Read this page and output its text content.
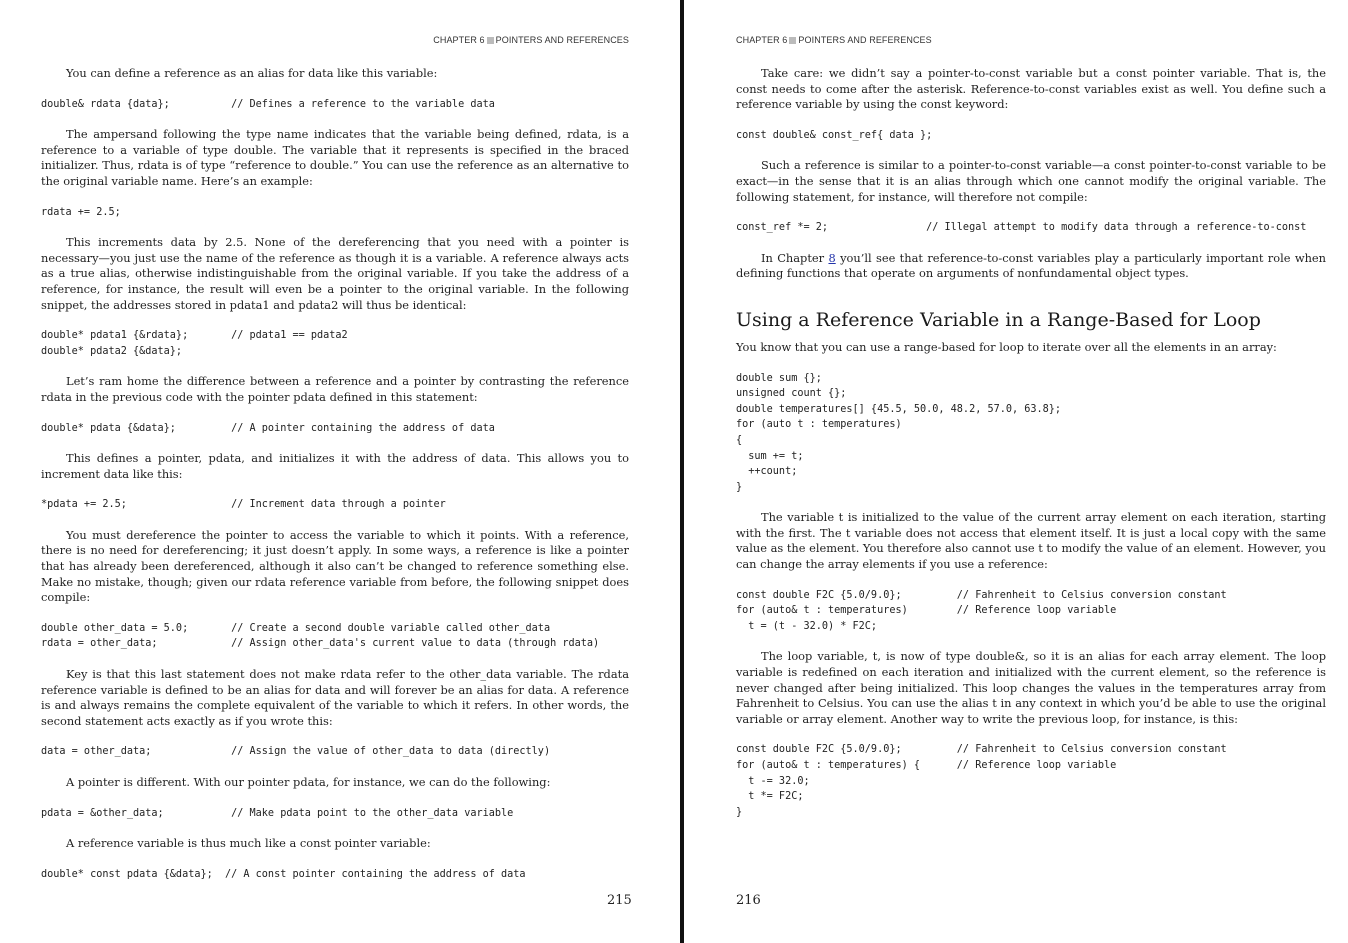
CHAPTER 6 POINTERS AND REFERENCES

You can define a reference as an alias for data like this variable:

double& rdata {data};          // Defines a reference to the variable data

The ampersand following the type name indicates that the variable being defined, rdata, is a reference to a variable of type double. The variable that it represents is specified in the braced initializer. Thus, rdata is of type “reference to double.” You can use the reference as an alternative to the original variable name. Here’s an example:

rdata += 2.5;

This increments data by 2.5. None of the dereferencing that you need with a pointer is necessary—you just use the name of the reference as though it is a variable. A reference always acts as a true alias, otherwise indistinguishable from the original variable. If you take the address of a reference, for instance, the result will even be a pointer to the original variable. In the following snippet, the addresses stored in pdata1 and pdata2 will thus be identical:

double* pdata1 {&rdata};       // pdata1 == pdata2
double* pdata2 {&data};

Let’s ram home the difference between a reference and a pointer by contrasting the reference rdata in the previous code with the pointer pdata defined in this statement:

double* pdata {&data};         // A pointer containing the address of data

This defines a pointer, pdata, and initializes it with the address of data. This allows you to increment data like this:

*pdata += 2.5;                 // Increment data through a pointer

You must dereference the pointer to access the variable to which it points. With a reference, there is no need for dereferencing; it just doesn’t apply. In some ways, a reference is like a pointer that has already been dereferenced, although it also can’t be changed to reference something else. Make no mistake, though; given our rdata reference variable from before, the following snippet does compile:

double other_data = 5.0;       // Create a second double variable called other_data
rdata = other_data;            // Assign other_data's current value to data (through rdata)

Key is that this last statement does not make rdata refer to the other_data variable. The rdata reference variable is defined to be an alias for data and will forever be an alias for data. A reference is and always remains the complete equivalent of the variable to which it refers. In other words, the second statement acts exactly as if you wrote this:

data = other_data;             // Assign the value of other_data to data (directly)

A pointer is different. With our pointer pdata, for instance, we can do the following:

pdata = &other_data;           // Make pdata point to the other_data variable

A reference variable is thus much like a const pointer variable:

double* const pdata {&data};  // A const pointer containing the address of data
215
CHAPTER 6 POINTERS AND REFERENCES

Take care: we didn’t say a pointer-to-const variable but a const pointer variable. That is, the const needs to come after the asterisk. Reference-to-const variables exist as well. You define such a reference variable by using the const keyword:

const double& const_ref{ data };

Such a reference is similar to a pointer-to-const variable—a const pointer-to-const variable to be exact—in the sense that it is an alias through which one cannot modify the original variable. The following statement, for instance, will therefore not compile:

const_ref *= 2;                // Illegal attempt to modify data through a reference-to-const

In Chapter 8 you’ll see that reference-to-const variables play a particularly important role when defining functions that operate on arguments of nonfundamental object types.

Using a Reference Variable in a Range-Based for Loop

You know that you can use a range-based for loop to iterate over all the elements in an array:

double sum {};
unsigned count {};
double temperatures[] {45.5, 50.0, 48.2, 57.0, 63.8};
for (auto t : temperatures)
{
sum += t;
++count;
}

The variable t is initialized to the value of the current array element on each iteration, starting with the first. The t variable does not access that element itself. It is just a local copy with the same value as the element. You therefore also cannot use t to modify the value of an element. However, you can change the array elements if you use a reference:

const double F2C {5.0/9.0};         // Fahrenheit to Celsius conversion constant
for (auto& t : temperatures)        // Reference loop variable
t = (t - 32.0) * F2C;

The loop variable, t, is now of type double&, so it is an alias for each array element. The loop variable is redefined on each iteration and initialized with the current element, so the reference is never changed after being initialized. This loop changes the values in the temperatures array from Fahrenheit to Celsius. You can use the alias t in any context in which you’d be able to use the original variable or array element. Another way to write the previous loop, for instance, is this:

const double F2C {5.0/9.0};         // Fahrenheit to Celsius conversion constant
for (auto& t : temperatures) {      // Reference loop variable
t -= 32.0;
t *= F2C;
}
216
